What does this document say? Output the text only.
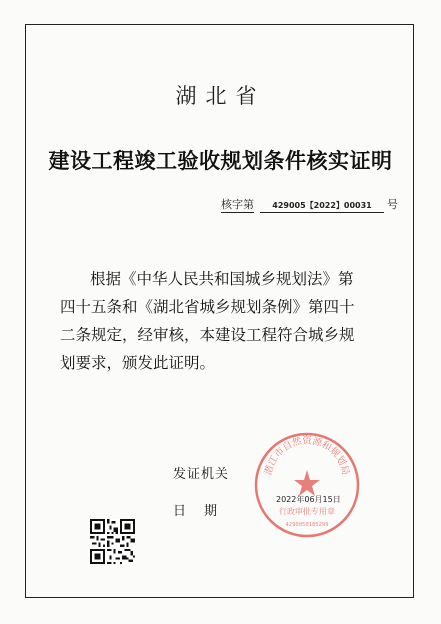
湖北省
建设工程竣工验收规划条件核实证明
核字第 429005【2022】00031 号

根据《中华人民共和国城乡规划法》第

四十五条和《湖北省城乡规划条例》第四十

二条规定，经审核，本建设工程符合城乡规

划要求，颁发此证明。

发证机关
日期
潜江市自然资源和规划局
行政审批专用章
4290050185299
2022年06月15日
